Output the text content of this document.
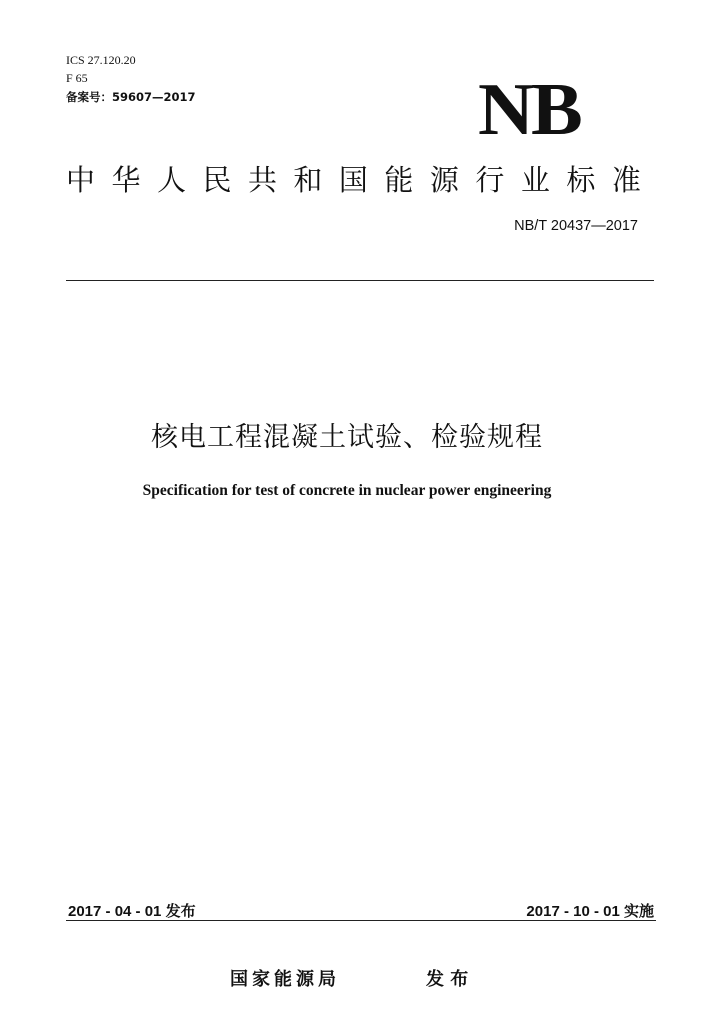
ICS 27.120.20
F 65
备案号：59607—2017	NB
中 华 人 民 共 和 国 能 源 行 业 标 准
NB/T 20437—2017
核电工程混凝土试验、检验规程
Specification for test of concrete in nuclear power engineering
2017 - 04 - 01 发布	2017 - 10 - 01 实施
国家能源局	发 布
